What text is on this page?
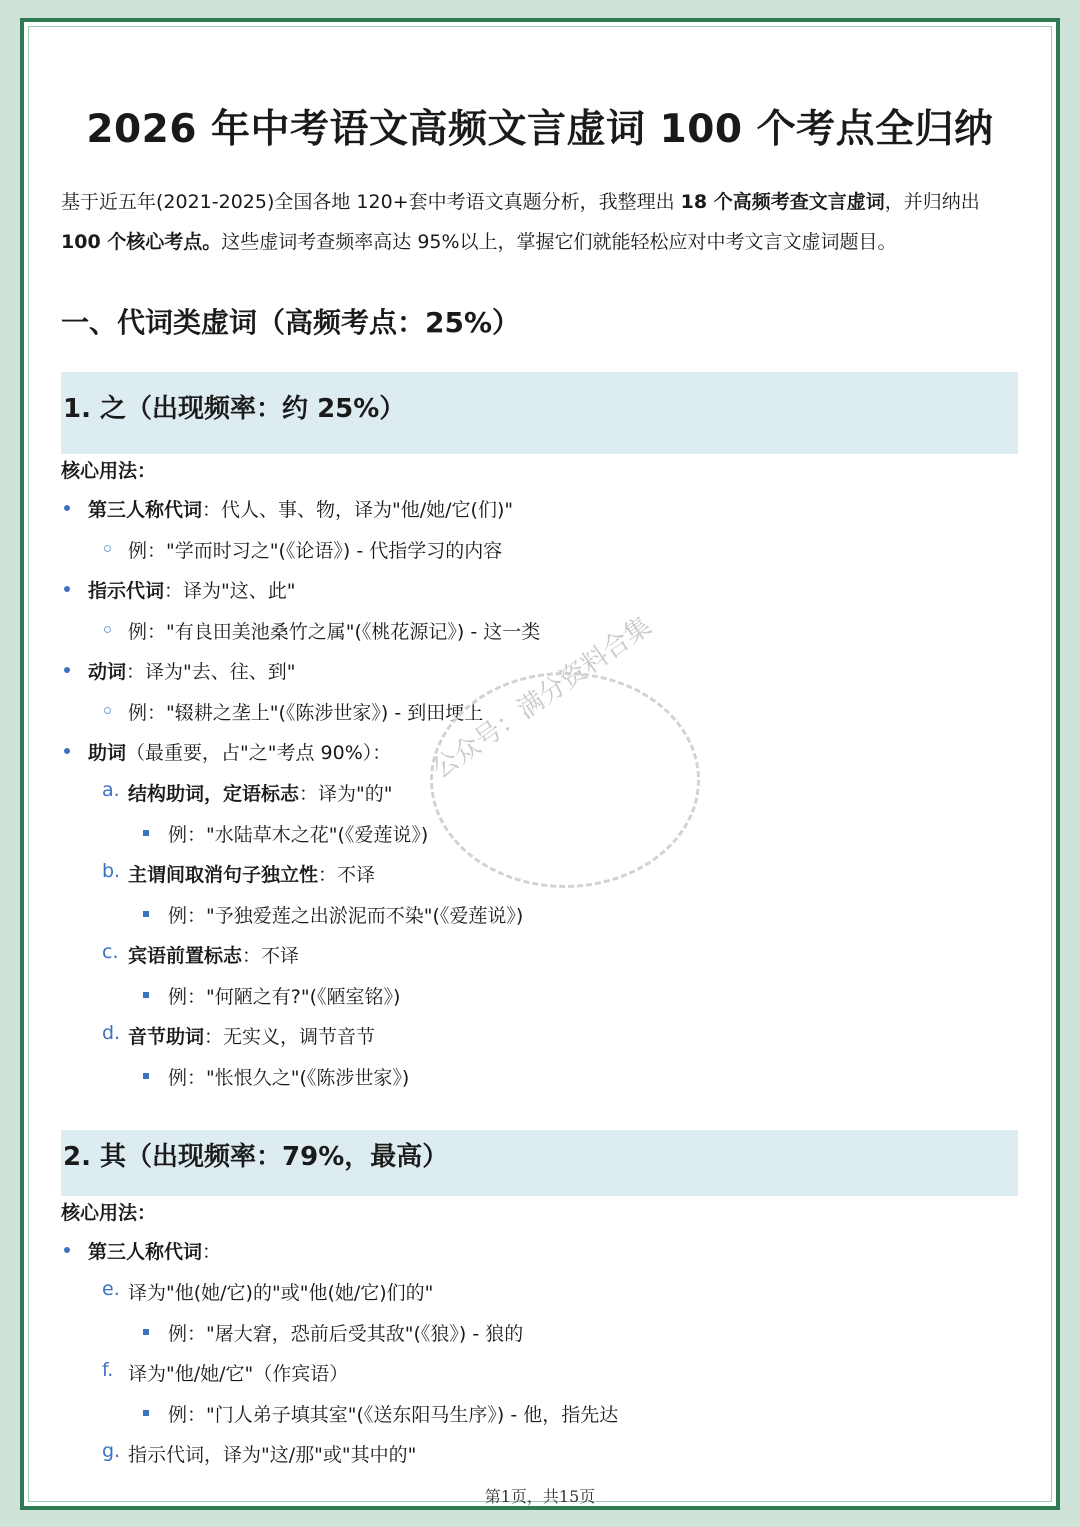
2026 年中考语文高频文言虚词 100 个考点全归纳
基于近五年(2021-2025)全国各地 120+套中考语文真题分析，我整理出 18 个高频考查文言虚词，并归纳出
100 个核心考点。这些虚词考查频率高达 95%以上，掌握它们就能轻松应对中考文言文虚词题目。
一、代词类虚词（高频考点：25%）
1. 之（出现频率：约 25%）
核心用法：
第三人称代词：代人、事、物，译为"他/她/它(们)"
例："学而时习之"(《论语》) - 代指学习的内容
指示代词：译为"这、此"
例："有良田美池桑竹之属"(《桃花源记》) - 这一类
动词：译为"去、往、到"
例："辍耕之垄上"(《陈涉世家》) - 到田埂上
助词（最重要，占"之"考点 90%）：
a. 结构助词，定语标志：译为"的"
例："水陆草木之花"(《爱莲说》)
b. 主谓间取消句子独立性：不译
例："予独爱莲之出淤泥而不染"(《爱莲说》)
c. 宾语前置标志：不译
例："何陋之有?"(《陋室铭》)
d. 音节助词：无实义，调节音节
例："怅恨久之"(《陈涉世家》)
2. 其（出现频率：79%，最高）
核心用法：
第三人称代词：
e. 译为"他(她/它)的"或"他(她/它)们的"
例："屠大窘，恐前后受其敌"(《狼》) - 狼的
f. 译为"他/她/它"（作宾语）
例："门人弟子填其室"(《送东阳马生序》) - 他，指先达
g. 指示代词，译为"这/那"或"其中的"
公众号：满分资料合集
第1页，共15页
